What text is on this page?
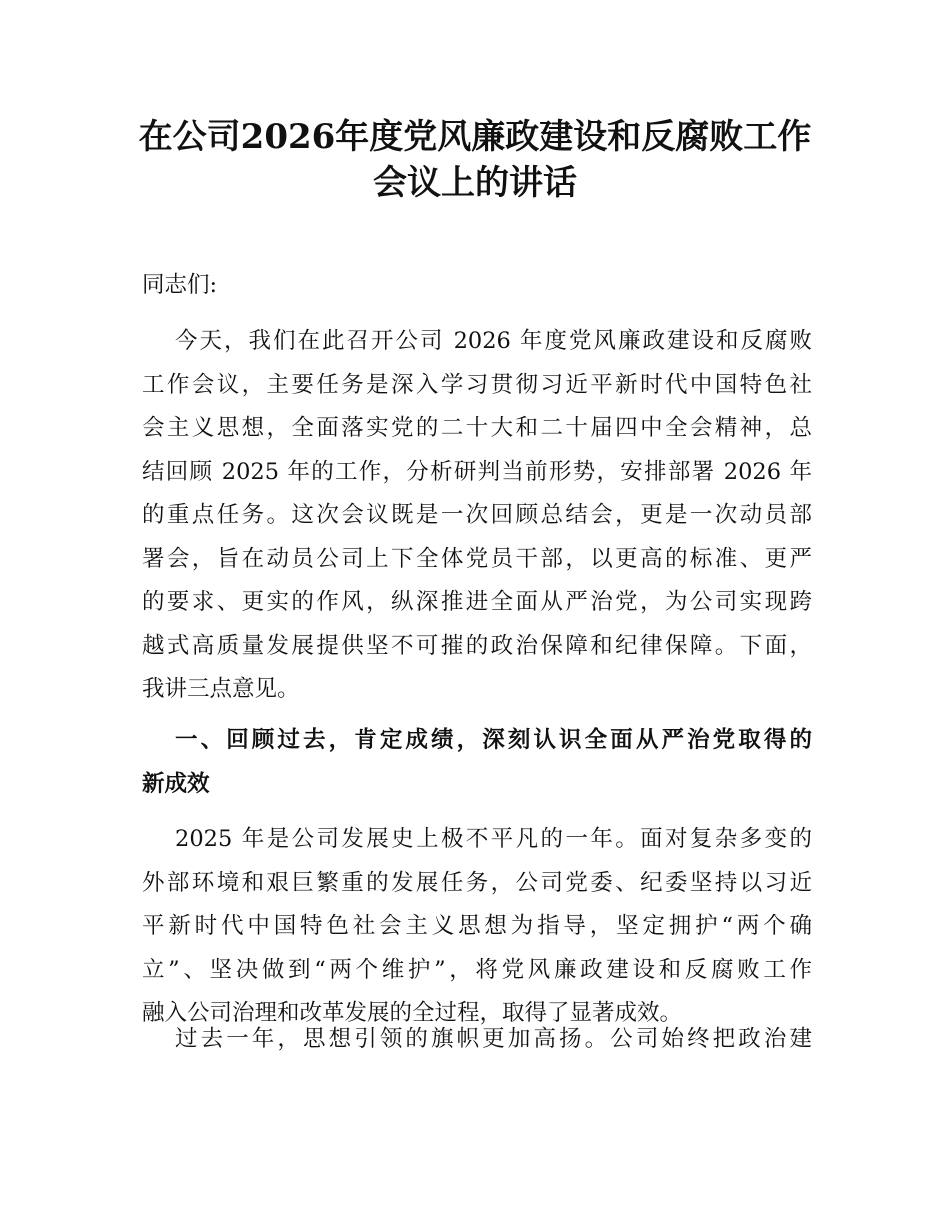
在公司2026年度党风廉政建设和反腐败工作
会议上的讲话
同志们:
今天，我们在此召开公司 2026 年度党风廉政建设和反腐败
工作会议，主要任务是深入学习贯彻习近平新时代中国特色社
会主义思想，全面落实党的二十大和二十届四中全会精神，总
结回顾 2025 年的工作，分析研判当前形势，安排部署 2026 年
的重点任务。这次会议既是一次回顾总结会，更是一次动员部
署会，旨在动员公司上下全体党员干部，以更高的标准、更严
的要求、更实的作风，纵深推进全面从严治党，为公司实现跨
越式高质量发展提供坚不可摧的政治保障和纪律保障。下面，
我讲三点意见。
一、回顾过去，肯定成绩，深刻认识全面从严治党取得的
新成效
2025 年是公司发展史上极不平凡的一年。面对复杂多变的
外部环境和艰巨繁重的发展任务，公司党委、纪委坚持以习近
平新时代中国特色社会主义思想为指导，坚定拥护“两个确
立”、坚决做到“两个维护”，将党风廉政建设和反腐败工作
融入公司治理和改革发展的全过程，取得了显著成效。
过去一年，思想引领的旗帜更加高扬。公司始终把政治建
